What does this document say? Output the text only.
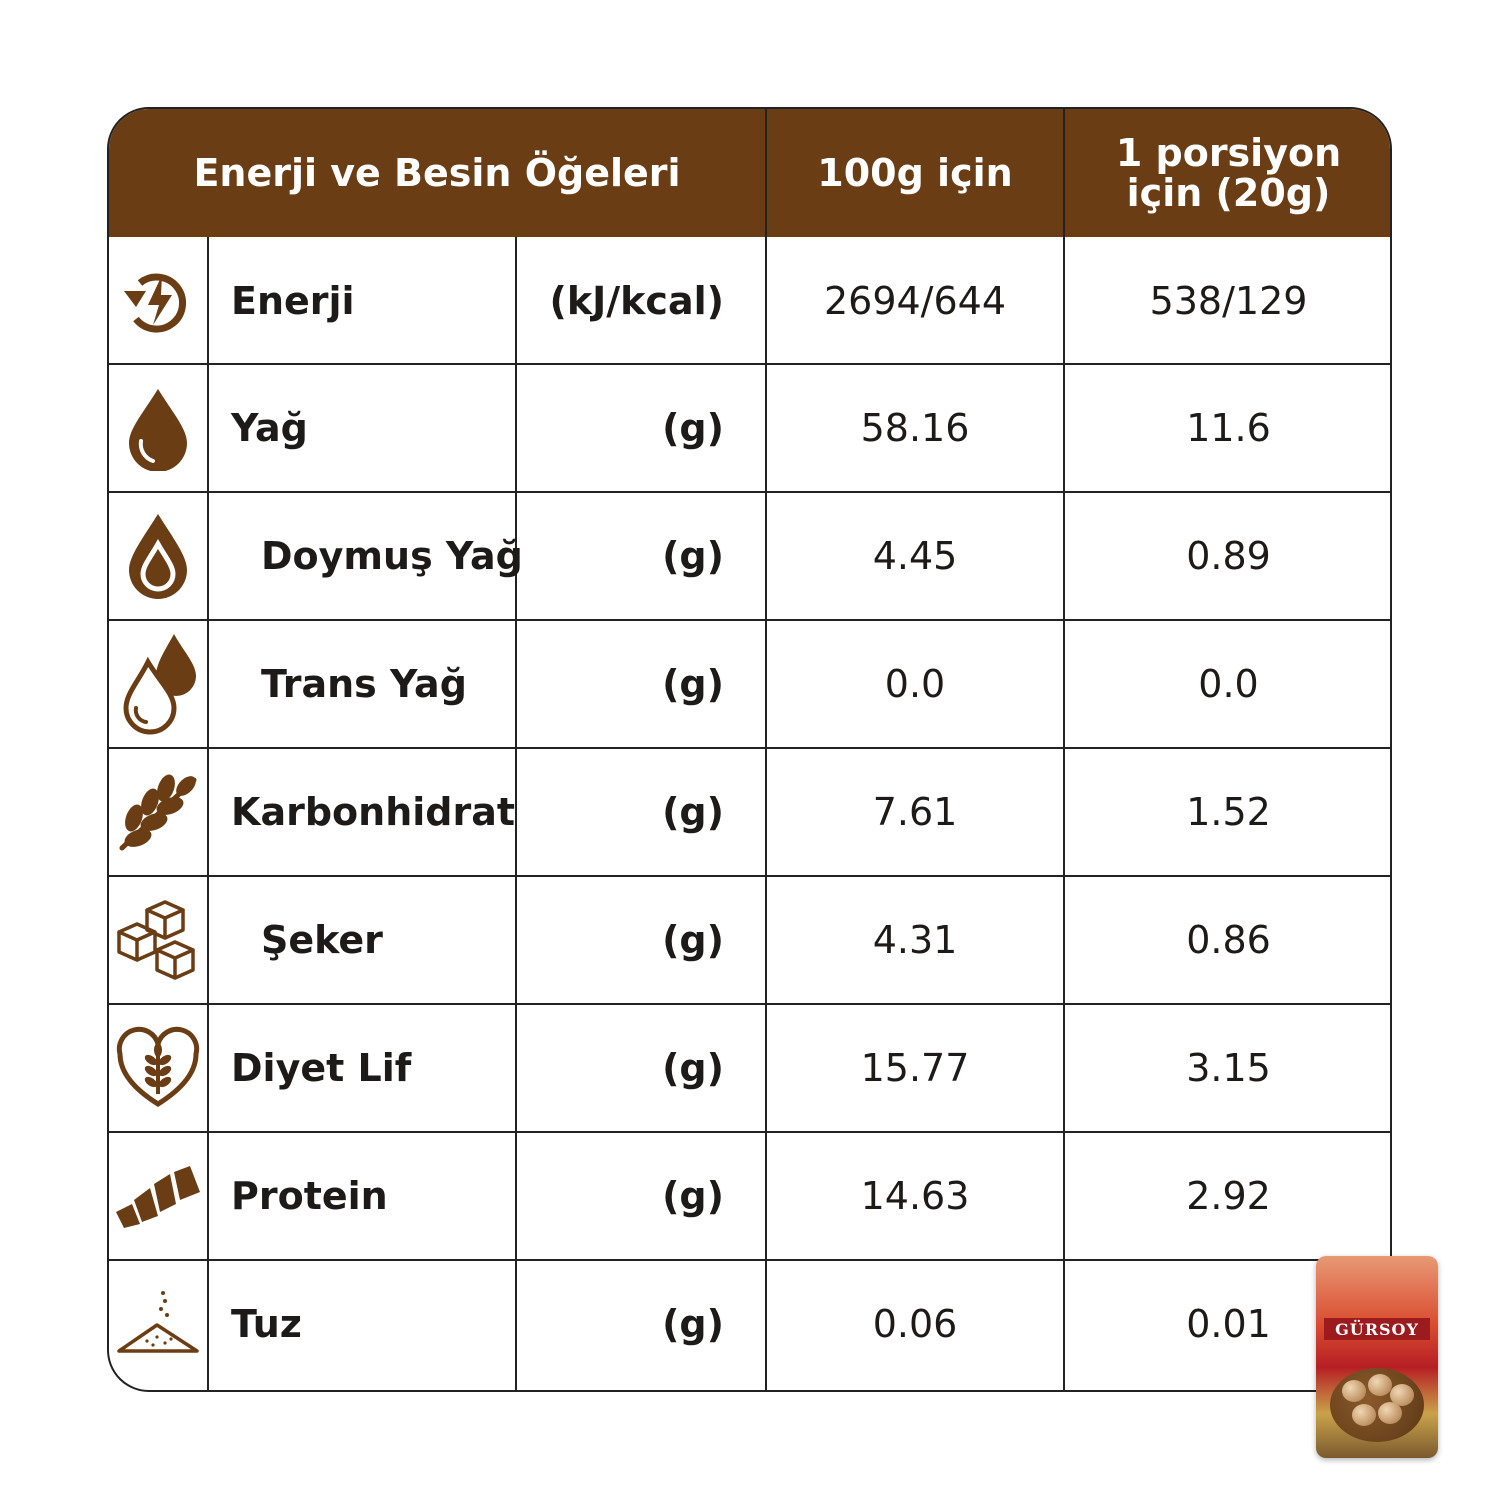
Enerji ve Besin Öğeleri	100g için	1 porsiyon
için (20g)
Enerji	(kJ/kcal)	2694/644	538/129
Yağ	(g)	58.16	11.6
Doymuş Yağ	(g)	4.45	0.89
Trans Yağ	(g)	0.0	0.0
Karbonhidrat	(g)	7.61	1.52
Şeker	(g)	4.31	0.86
Diyet Lif	(g)	15.77	3.15
Protein	(g)	14.63	2.92
Tuz	(g)	0.06	0.01	GÜRSOY
